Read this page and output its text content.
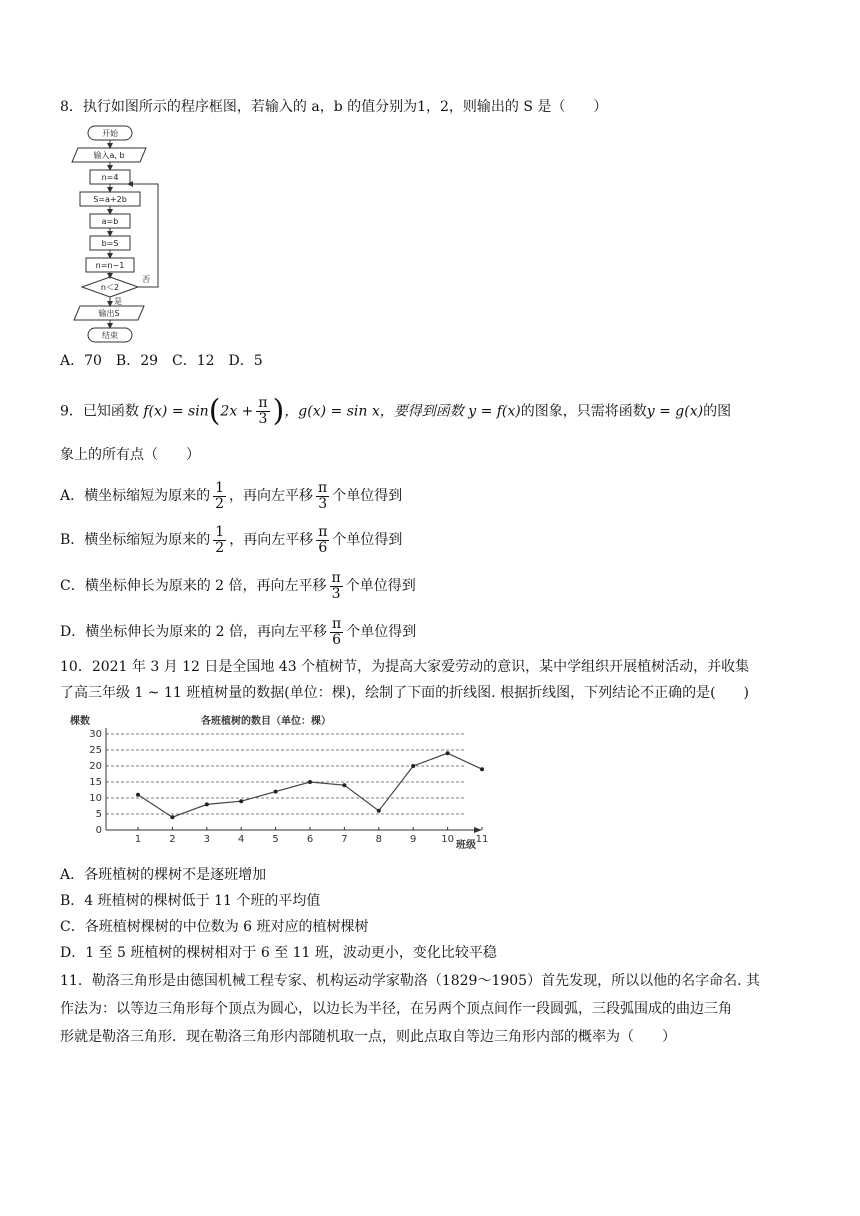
8．执行如图所示的程序框图，若输入的 a，b 的值分别为1，2，则输出的 S 是（　　）
开始
输入a, b
n=4
S=a+2b
a=b
b=S
n=n−1
n＜2
否
是
输出S
结束
A．70　B．29　C．12　D．5
9．已知函数 $f(x) = \sin(2x + \frac{\pi}{3}$ )，g(x) = sin x，要得到函数 y = f(x)的图象，只需将函数y = g(x)的图
象上的所有点（　　）
A．横坐标缩短为原来的 $\frac{1}{2}$ ，再向左平移 $\frac{\pi}{3}$ 个单位得到
B．横坐标缩短为原来的 $\frac{1}{2}$ ，再向左平移 $\frac{\pi}{6}$ 个单位得到
C．横坐标伸长为原来的 2 倍，再向左平移 $\frac{\pi}{3}$ 个单位得到
D．横坐标伸长为原来的 2 倍，再向左平移 $\frac{\pi}{6}$ 个单位得到
10．2021 年 3 月 12 日是全国地 43 个植树节，为提高大家爱劳动的意识，某中学组织开展植树活动，并收集
了高三年级 1 ~ 11 班植树量的数据(单位：棵)，绘制了下面的折线图. 根据折线图，下列结论不正确的是(　　)
各班植树的数目（单位：棵）
棵数
班级
0
5
10
15
20
25
30
1	2	3	4	5	6	7	8	9 10 11
A．各班植树的棵树不是逐班增加
B．4 班植树的棵树低于 11 个班的平均值
C．各班植树棵树的中位数为 6 班对应的植树棵树
D．1 至 5 班植树的棵树相对于 6 至 11 班，波动更小，变化比较平稳
11．勒洛三角形是由德国机械工程专家、机构运动学家勒洛（1829～1905）首先发现，所以以他的名字命名. 其
作法为：以等边三角形每个顶点为圆心，以边长为半径，在另两个顶点间作一段圆弧，三段弧围成的曲边三角
形就是勒洛三角形．现在勒洛三角形内部随机取一点，则此点取自等边三角形内部的概率为（　　）
